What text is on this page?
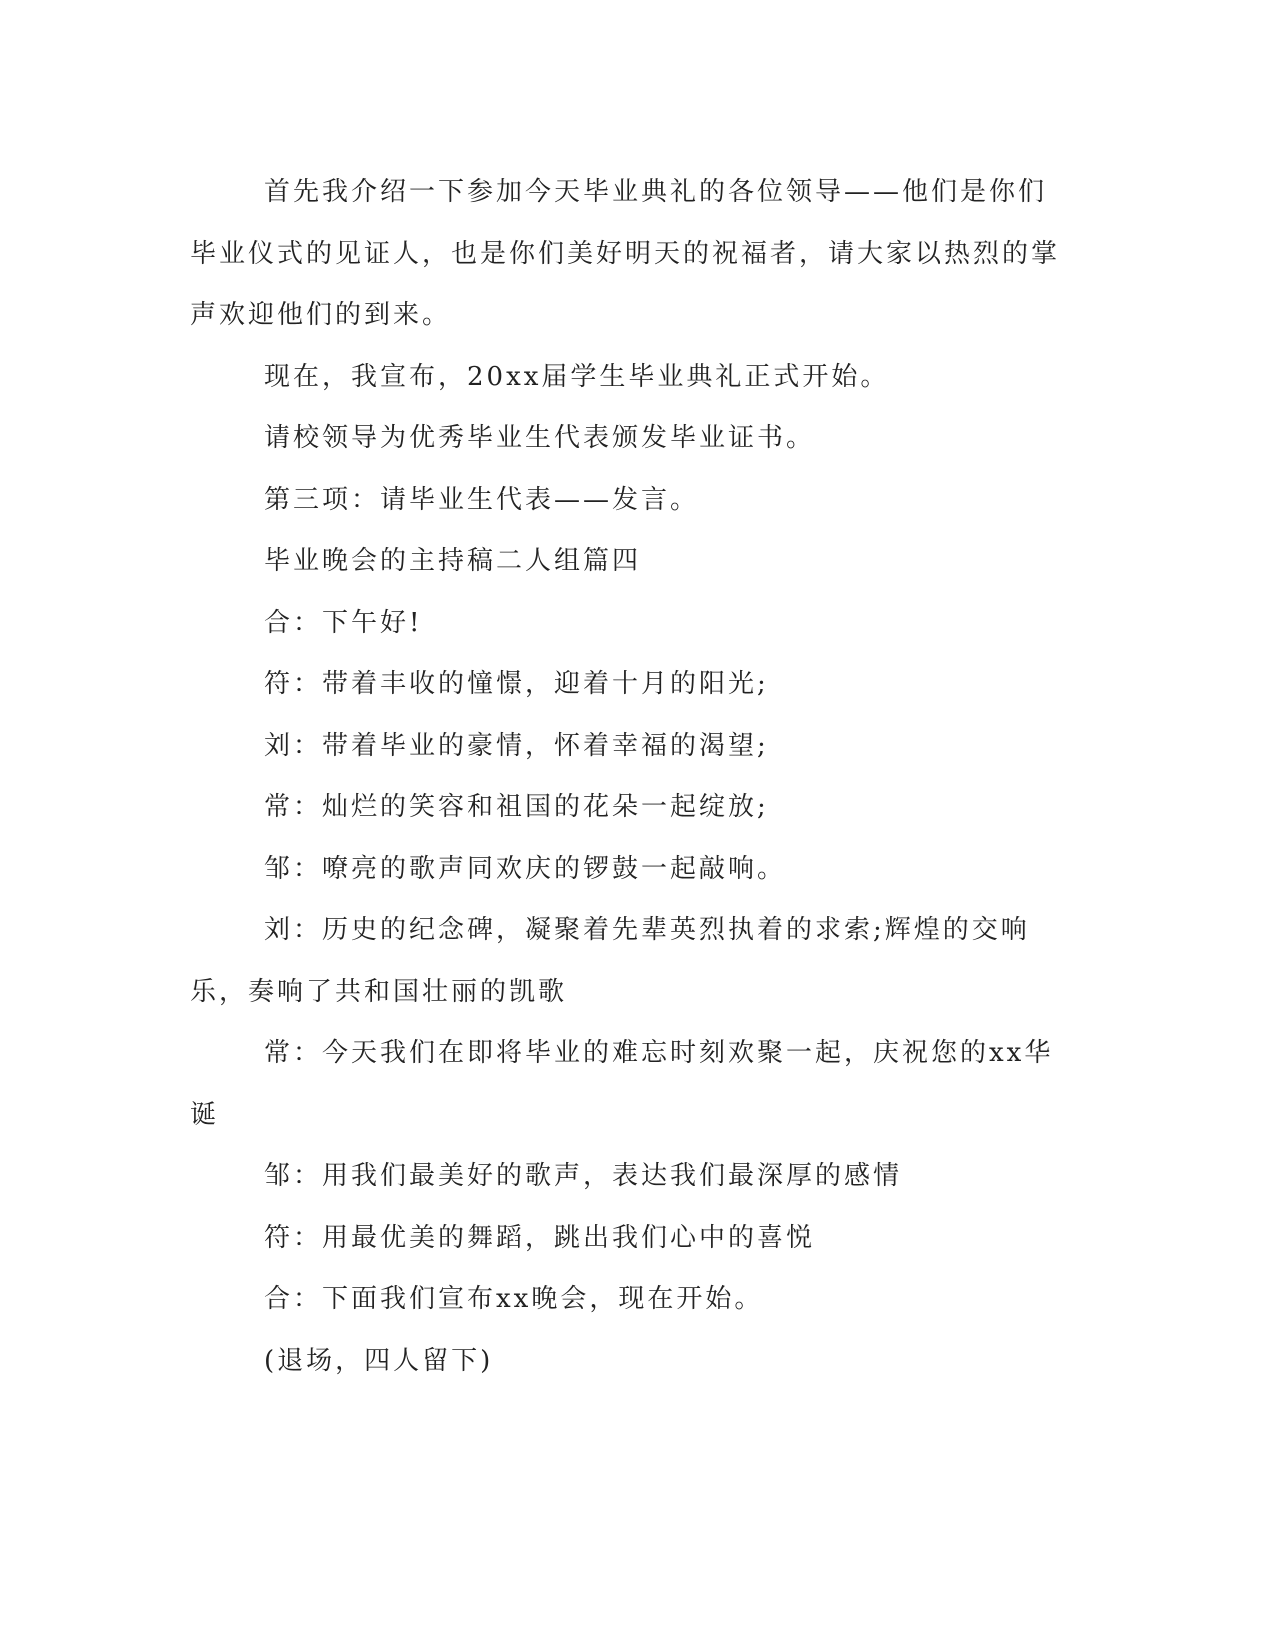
首先我介绍一下参加今天毕业典礼的各位领导——他们是你们毕业仪式的见证人，也是你们美好明天的祝福者，请大家以热烈的掌声欢迎他们的到来。

现在，我宣布，20xx届学生毕业典礼正式开始。

请校领导为优秀毕业生代表颁发毕业证书。

第三项：请毕业生代表——发言。

毕业晚会的主持稿二人组篇四

合：下午好!

符：带着丰收的憧憬，迎着十月的阳光;

刘：带着毕业的豪情，怀着幸福的渴望;

常：灿烂的笑容和祖国的花朵一起绽放;

邹：嘹亮的歌声同欢庆的锣鼓一起敲响。

刘：历史的纪念碑，凝聚着先辈英烈执着的求索;辉煌的交响乐，奏响了共和国壮丽的凯歌

常：今天我们在即将毕业的难忘时刻欢聚一起，庆祝您的xx华诞

邹：用我们最美好的歌声，表达我们最深厚的感情

符：用最优美的舞蹈，跳出我们心中的喜悦

合：下面我们宣布xx晚会，现在开始。

(退场，四人留下)
